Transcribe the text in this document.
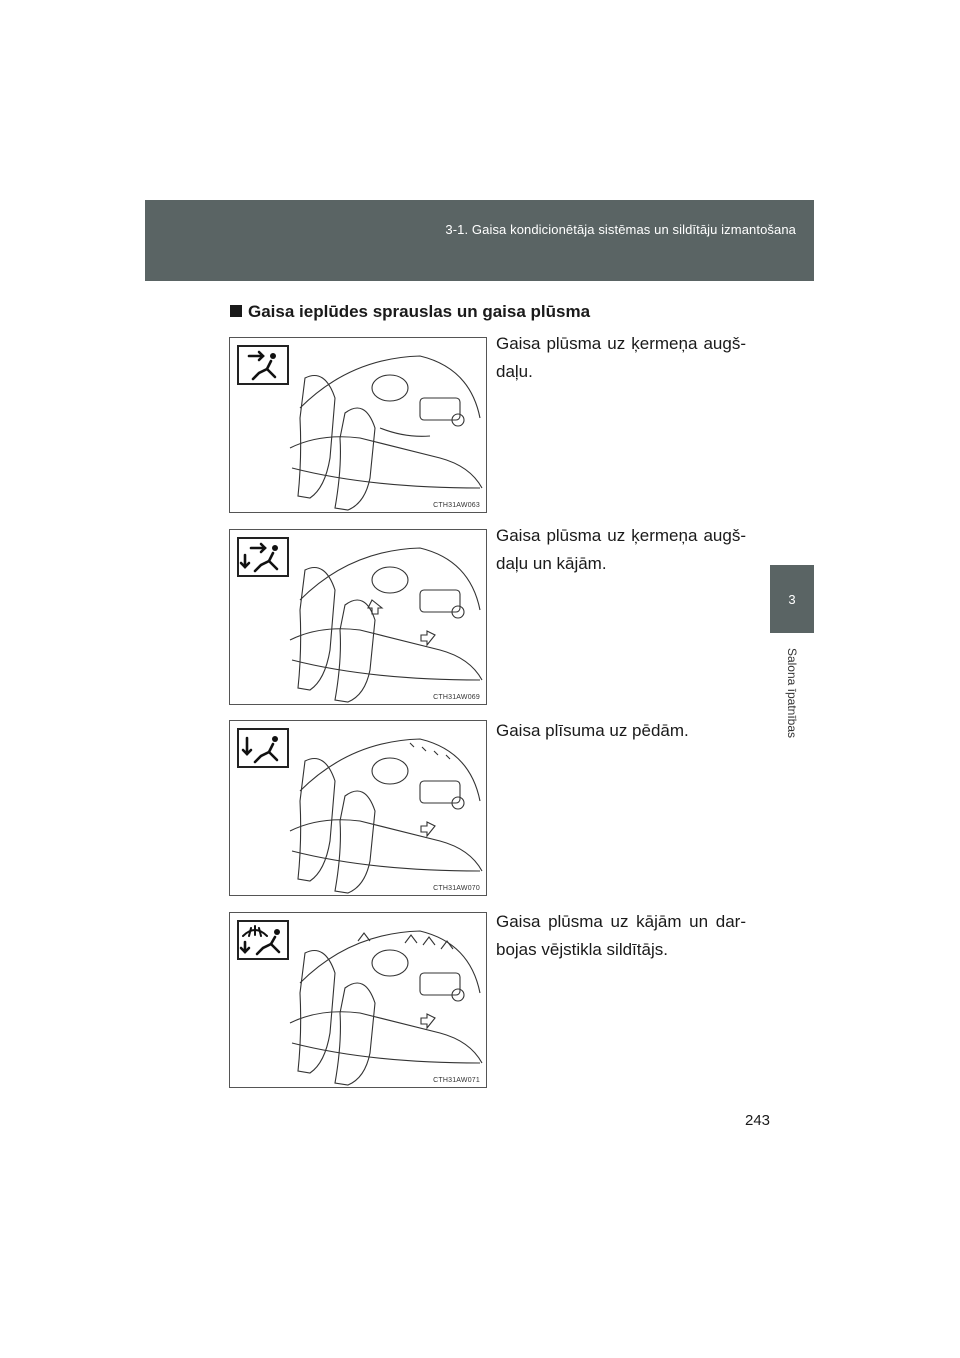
3-1. Gaisa kondicionētāja sistēmas un sildītāju izmantošana
3
Salona īpatnības
Gaisa ieplūdes sprauslas un gaisa plūsma
CTH31AW063
Gaisa plūsma uz ķermeņa augš-daļu.
CTH31AW069
Gaisa plūsma uz ķermeņa augš-daļu un kājām.
CTH31AW070
Gaisa plīsuma uz pēdām.
CTH31AW071
Gaisa plūsma uz kājām un dar-bojas vējstikla sildītājs.
243
